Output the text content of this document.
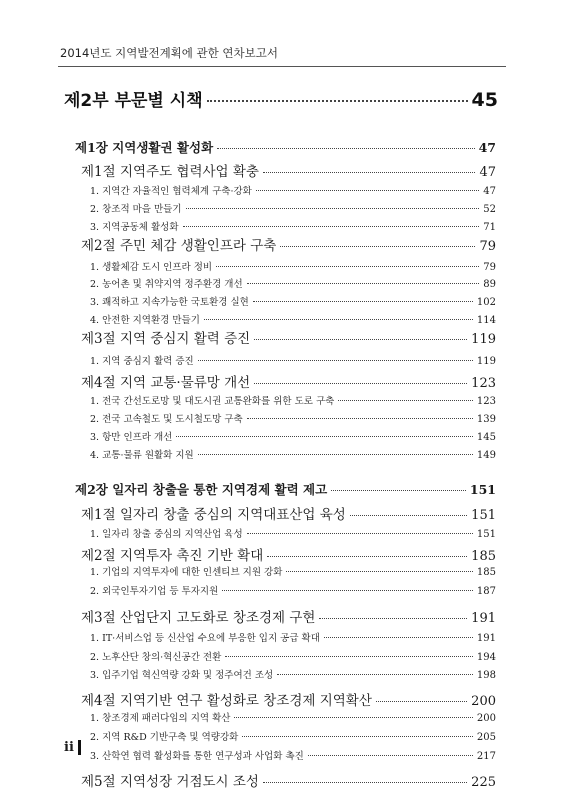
2014년도 지역발전계획에 관한 연차보고서
제2부 부문별 시책	45
제1장 지역생활권 활성화	47
제1절 지역주도 협력사업 확충	47
1. 지역간 자율적인 협력체계 구축·강화	47
2. 창조적 마을 만들기	52
3. 지역공동체 활성화	71
제2절 주민 체감 생활인프라 구축	79
1. 생활체감 도시 인프라 정비	79
2. 농어촌 및 취약지역 정주환경 개선	89
3. 쾌적하고 지속가능한 국토환경 실현	102
4. 안전한 지역환경 만들기	114
제3절 지역 중심지 활력 증진	119
1. 지역 중심지 활력 증진	119
제4절 지역 교통·물류망 개선	123
1. 전국 간선도로망 및 대도시권 교통완화를 위한 도로 구축	123
2. 전국 고속철도 및 도시철도망 구축	139
3. 항만 인프라 개선	145
4. 교통·물류 원활화 지원	149
제2장 일자리 창출을 통한 지역경제 활력 제고	151
제1절 일자리 창출 중심의 지역대표산업 육성	151
1. 일자리 창출 중심의 지역산업 육성	151
제2절 지역투자 촉진 기반 확대	185
1. 기업의 지역투자에 대한 인센티브 지원 강화	185
2. 외국인투자기업 등 투자지원	187
제3절 산업단지 고도화로 창조경제 구현	191
1. IT·서비스업 등 신산업 수요에 부응한 입지 공급 확대	191
2. 노후산단 창의·혁신공간 전환	194
3. 입주기업 혁신역량 강화 및 정주여건 조성	198
제4절 지역기반 연구 활성화로 창조경제 지역확산	200
1. 창조경제 패러다임의 지역 확산	200
2. 지역 R&D 기반구축 및 역량강화	205
3. 산학연 협력 활성화를 통한 연구성과 사업화 촉진	217
제5절 지역성장 거점도시 조성	225
ii
